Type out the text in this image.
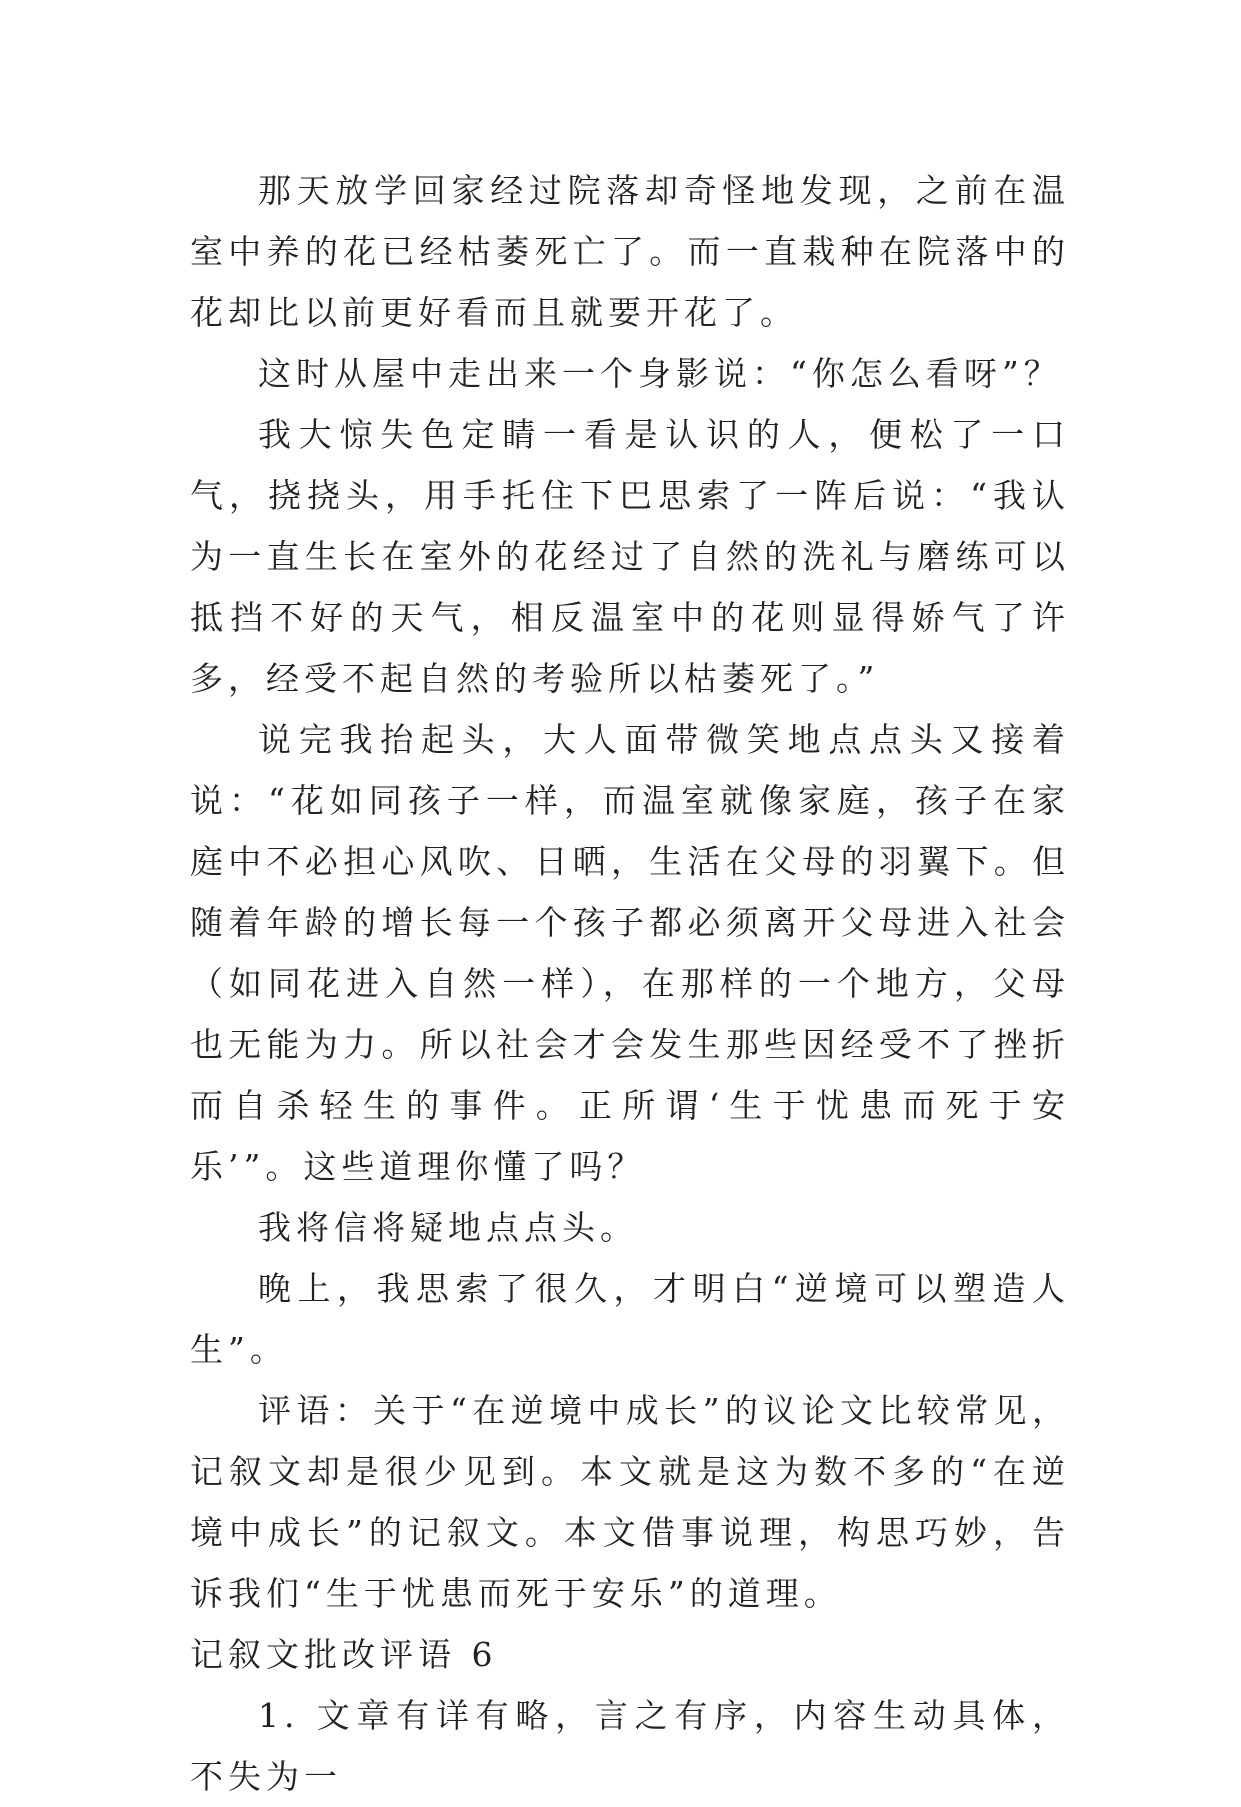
那天放学回家经过院落却奇怪地发现，之前在温室中养的花已经枯萎死亡了。而一直栽种在院落中的花却比以前更好看而且就要开花了。

这时从屋中走出来一个身影说：“你怎么看呀”？

我大惊失色定睛一看是认识的人，便松了一口气，挠挠头，用手托住下巴思索了一阵后说：“我认为一直生长在室外的花经过了自然的洗礼与磨练可以抵挡不好的天气，相反温室中的花则显得娇气了许多，经受不起自然的考验所以枯萎死了。”

说完我抬起头，大人面带微笑地点点头又接着说：“花如同孩子一样，而温室就像家庭，孩子在家庭中不必担心风吹、日晒，生活在父母的羽翼下。但随着年龄的增长每一个孩子都必须离开父母进入社会（如同花进入自然一样），在那样的一个地方，父母也无能为力。所以社会才会发生那些因经受不了挫折而自杀轻生的事件。正所谓‘生于忧患而死于安乐’”。这些道理你懂了吗？

我将信将疑地点点头。

晚上，我思索了很久，才明白“逆境可以塑造人生”。

评语：关于“在逆境中成长”的议论文比较常见，记叙文却是很少见到。本文就是这为数不多的“在逆境中成长”的记叙文。本文借事说理，构思巧妙，告诉我们“生于忧患而死于安乐”的道理。

记叙文批改评语 6

1. 文章有详有略，言之有序，内容生动具体，不失为一
